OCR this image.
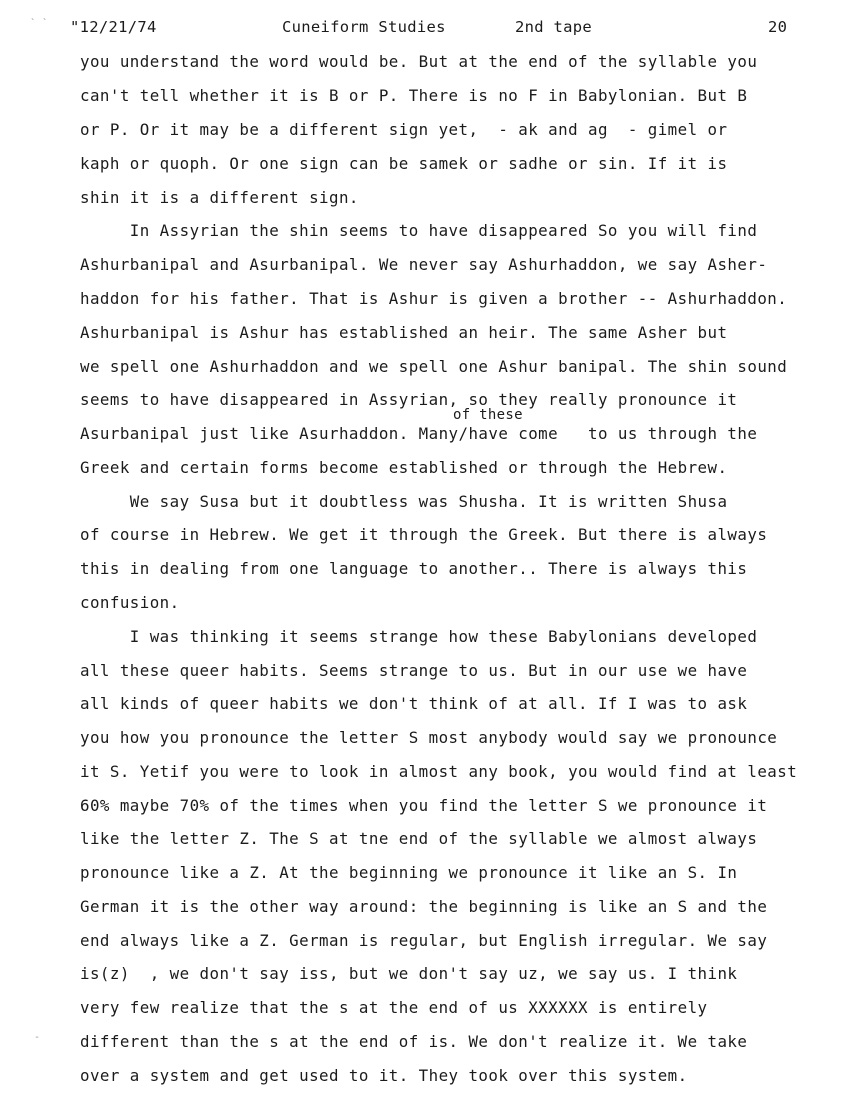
"12/21/74	Cuneiform Studies	2nd tape	20
` `
-
of these
you understand the word would be. But at the end of the syllable you
can't tell whether it is B or P. There is no F in Babylonian. But B
or P. Or it may be a different sign yet,  - ak and ag  - gimel or
kaph or quoph. Or one sign can be samek or sadhe or sin. If it is
shin it is a different sign.
In Assyrian the shin seems to have disappeared So you will find
Ashurbanipal and Asurbanipal. We never say Ashurhaddon, we say Asher-
haddon for his father. That is Ashur is given a brother -- Ashurhaddon.
Ashurbanipal is Ashur has established an heir. The same Asher but
we spell one Ashurhaddon and we spell one Ashur banipal. The shin sound
seems to have disappeared in Assyrian, so they really pronounce it
Asurbanipal just like Asurhaddon. Many/have come   to us through the
Greek and certain forms become established or through the Hebrew.
We say Susa but it doubtless was Shusha. It is written Shusa
of course in Hebrew. We get it through the Greek. But there is always
this in dealing from one language to another.. There is always this
confusion.
I was thinking it seems strange how these Babylonians developed
all these queer habits. Seems strange to us. But in our use we have
all kinds of queer habits we don't think of at all. If I was to ask
you how you pronounce the letter S most anybody would say we pronounce
it S. Yetif you were to look in almost any book, you would find at least
60% maybe 70% of the times when you find the letter S we pronounce it
like the letter Z. The S at tne end of the syllable we almost always
pronounce like a Z. At the beginning we pronounce it like an S. In
German it is the other way around: the beginning is like an S and the
end always like a Z. German is regular, but English irregular. We say
is(z)  , we don't say iss, but we don't say uz, we say us. I think
very few realize that the s at the end of us XXXXXX is entirely
different than the s at the end of is. We don't realize it. We take
over a system and get used to it. They took over this system.
